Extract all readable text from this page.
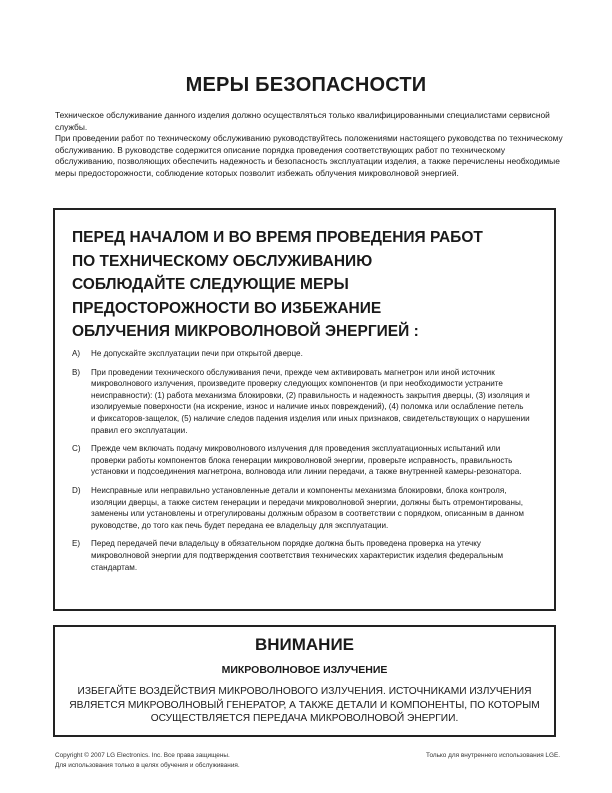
МЕРЫ БЕЗОПАСНОСТИ

Техническое обслуживание данного изделия должно осуществляться только квалифицированными специалистами сервисной службы.

При проведении работ по техническому обслуживанию руководствуйтесь положениями настоящего руководства по техническому обслуживанию. В руководстве содержится описание порядка проведения соответствующих работ по техническому обслуживанию, позволяющих обеспечить надежность и безопасность эксплуатации изделия, а также перечислены необходимые меры предосторожности, соблюдение которых позволит избежать облучения микроволновой энергией.

ПЕРЕД НАЧАЛОМ И ВО ВРЕМЯ ПРОВЕДЕНИЯ РАБОТ
ПО ТЕХНИЧЕСКОМУ ОБСЛУЖИВАНИЮ
СОБЛЮДАЙТЕ СЛЕДУЮЩИЕ МЕРЫ
ПРЕДОСТОРОЖНОСТИ ВО ИЗБЕЖАНИЕ
ОБЛУЧЕНИЯ МИКРОВОЛНОВОЙ ЭНЕРГИЕЙ :
A) Не допускайте эксплуатации печи при открытой дверце.
B) При проведении технического обслуживания печи, прежде чем активировать магнетрон или иной источник микроволнового излучения, произведите проверку следующих компонентов (и при необходимости устраните неисправности): (1) работа механизма блокировки, (2) правильность и надежность закрытия дверцы, (3) изоляция и изолируемые поверхности (на искрение, износ и наличие иных повреждений), (4) поломка или ослабление петель и фиксаторов-защелок, (5) наличие следов падения изделия или иных признаков, свидетельствующих о нарушении правил его эксплуатации.
C) Прежде чем включать подачу микроволнового излучения для проведения эксплуатационных испытаний или проверки работы компонентов блока генерации микроволновой энергии, проверьте исправность, правильность установки и подсоединения магнетрона, волновода или линии передачи, а также внутренней камеры-резонатора.
D) Неисправные или неправильно установленные детали и компоненты механизма блокировки, блока контроля, изоляции дверцы, а также систем генерации и передачи микроволновой энергии, должны быть отремонтированы, заменены или установлены и отрегулированы должным образом в соответствии с порядком, описанным в данном руководстве, до того как печь будет передана ее владельцу для эксплуатации.
E) Перед передачей печи владельцу в обязательном порядке должна быть проведена проверка на утечку микроволновой энергии для подтверждения соответствия технических характеристик изделия федеральным стандартам.
ВНИМАНИЕ
МИКРОВОЛНОВОЕ ИЗЛУЧЕНИЕ
ИЗБЕГАЙТЕ ВОЗДЕЙСТВИЯ МИКРОВОЛНОВОГО ИЗЛУЧЕНИЯ. ИСТОЧНИКАМИ ИЗЛУЧЕНИЯ ЯВЛЯЕТСЯ МИКРОВОЛНОВЫЙ ГЕНЕРАТОР, А ТАКЖЕ ДЕТАЛИ И КОМПОНЕНТЫ, ПО КОТОРЫМ ОСУЩЕСТВЛЯЕТСЯ ПЕРЕДАЧА МИКРОВОЛНОВОЙ ЭНЕРГИИ.
Copyright © 2007 LG Electronics. Inc. Все права защищены.
Для использования только в целях обучения и обслуживания.
Только для внутреннего использования LGE.
